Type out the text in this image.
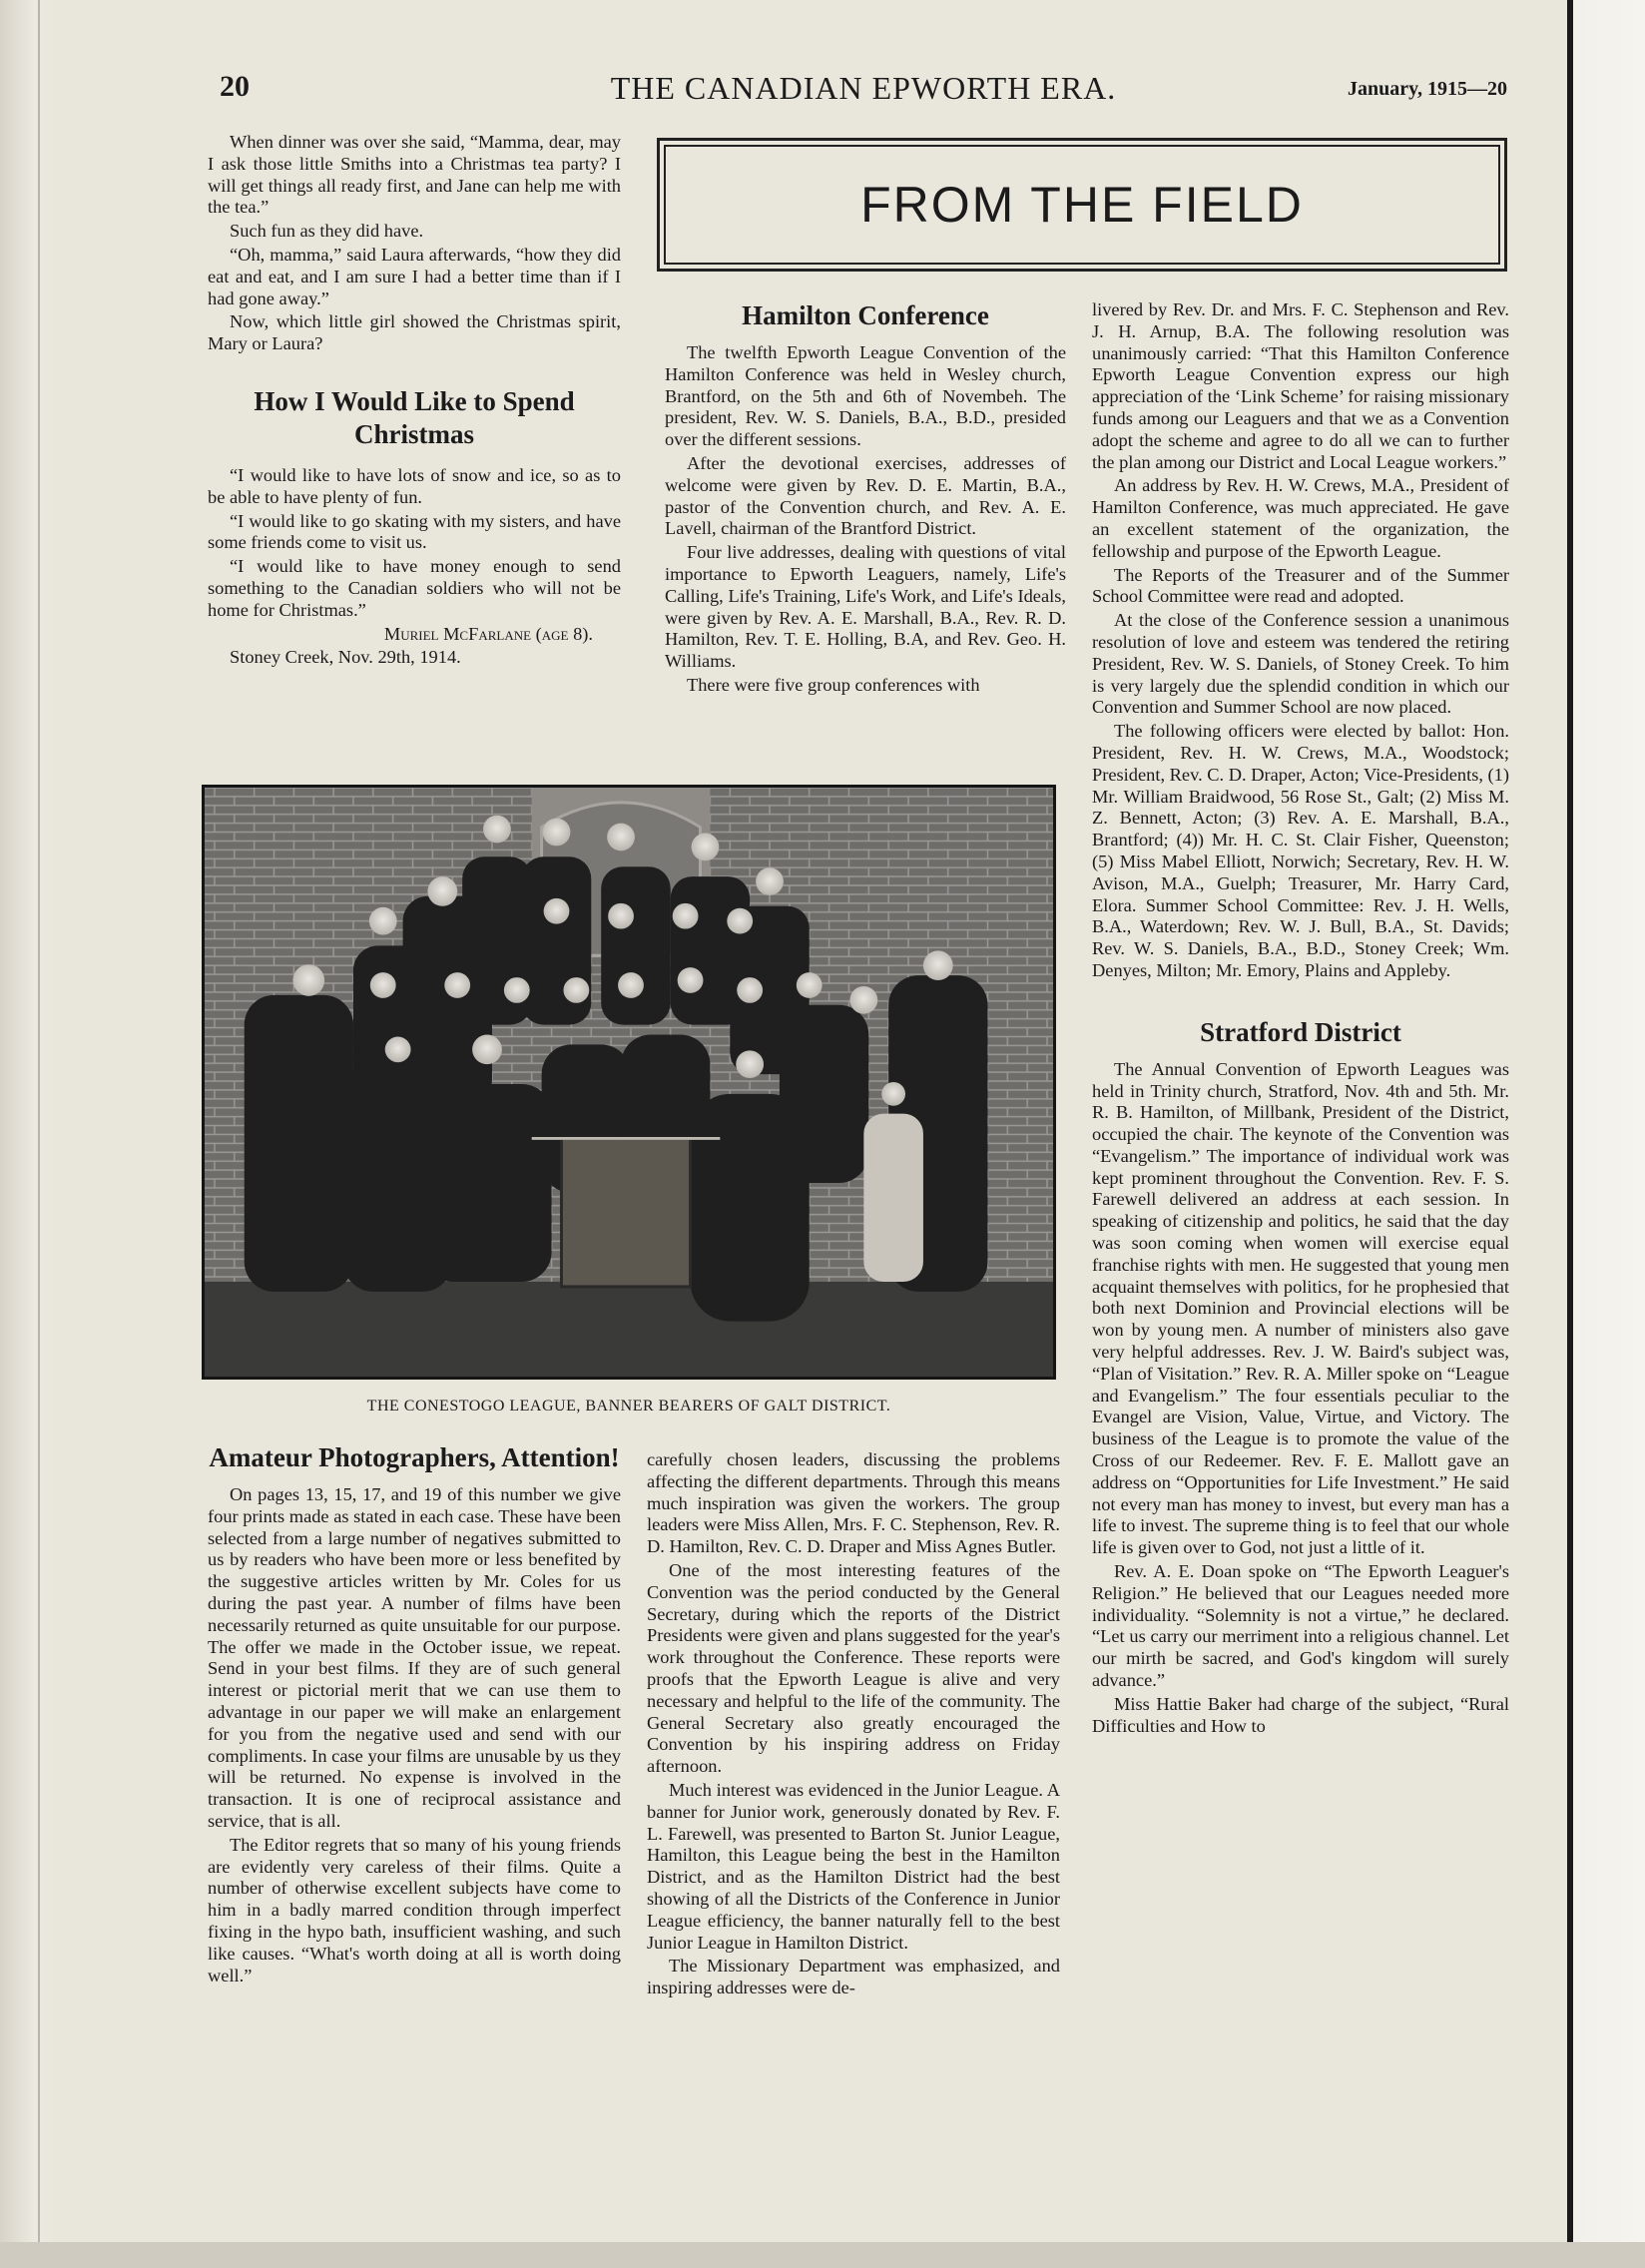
20	THE CANADIAN EPWORTH ERA.	January, 1915—20

When dinner was over she said, “Mamma, dear, may I ask those little Smiths into a Christmas tea party? I will get things all ready first, and Jane can help me with the tea.”

Such fun as they did have.

“Oh, mamma,” said Laura afterwards, “how they did eat and eat, and I am sure I had a better time than if I had gone away.”

Now, which little girl showed the Christmas spirit, Mary or Laura?

How I Would Like to Spend Christmas

“I would like to have lots of snow and ice, so as to be able to have plenty of fun.

“I would like to go skating with my sisters, and have some friends come to visit us.

“I would like to have money enough to send something to the Canadian soldiers who will not be home for Christmas.”

Muriel McFarlane (age 8).

Stoney Creek, Nov. 29th, 1914.

FROM THE FIELD
Hamilton Conference

The twelfth Epworth League Convention of the Hamilton Conference was held in Wesley church, Brantford, on the 5th and 6th of Novembeh. The president, Rev. W. S. Daniels, B.A., B.D., presided over the different sessions.

After the devotional exercises, addresses of welcome were given by Rev. D. E. Martin, B.A., pastor of the Convention church, and Rev. A. E. Lavell, chairman of the Brantford District.

Four live addresses, dealing with questions of vital importance to Epworth Leaguers, namely, Life's Calling, Life's Training, Life's Work, and Life's Ideals, were given by Rev. A. E. Marshall, B.A., Rev. R. D. Hamilton, Rev. T. E. Holling, B.A, and Rev. Geo. H. Williams.

There were five group conferences with

livered by Rev. Dr. and Mrs. F. C. Stephenson and Rev. J. H. Arnup, B.A. The following resolution was unanimously carried: “That this Hamilton Conference Epworth League Convention express our high appreciation of the ‘Link Scheme’ for raising missionary funds among our Leaguers and that we as a Convention adopt the scheme and agree to do all we can to further the plan among our District and Local League workers.”

An address by Rev. H. W. Crews, M.A., President of Hamilton Conference, was much appreciated. He gave an excellent statement of the organization, the fellowship and purpose of the Epworth League.

The Reports of the Treasurer and of the Summer School Committee were read and adopted.

At the close of the Conference session a unanimous resolution of love and esteem was tendered the retiring President, Rev. W. S. Daniels, of Stoney Creek. To him is very largely due the splendid condition in which our Convention and Summer School are now placed.

The following officers were elected by ballot: Hon. President, Rev. H. W. Crews, M.A., Woodstock; President, Rev. C. D. Draper, Acton; Vice-Presidents, (1) Mr. William Braidwood, 56 Rose St., Galt; (2) Miss M. Z. Bennett, Acton; (3) Rev. A. E. Marshall, B.A., Brantford; (4)) Mr. H. C. St. Clair Fisher, Queenston; (5) Miss Mabel Elliott, Norwich; Secretary, Rev. H. W. Avison, M.A., Guelph; Treasurer, Mr. Harry Card, Elora. Summer School Committee: Rev. J. H. Wells, B.A., Waterdown; Rev. W. J. Bull, B.A., St. Davids; Rev. W. S. Daniels, B.A., B.D., Stoney Creek; Wm. Denyes, Milton; Mr. Emory, Plains and Appleby.

Stratford District

The Annual Convention of Epworth Leagues was held in Trinity church, Stratford, Nov. 4th and 5th. Mr. R. B. Hamilton, of Millbank, President of the District, occupied the chair. The keynote of the Convention was “Evangelism.” The importance of individual work was kept prominent throughout the Convention. Rev. F. S. Farewell delivered an address at each session. In speaking of citizenship and politics, he said that the day was soon coming when women will exercise equal franchise rights with men. He suggested that young men acquaint themselves with politics, for he prophesied that both next Dominion and Provincial elections will be won by young men. A number of ministers also gave very helpful addresses. Rev. J. W. Baird's subject was, “Plan of Visitation.” Rev. R. A. Miller spoke on “League and Evangelism.” The four essentials peculiar to the Evangel are Vision, Value, Virtue, and Victory. The business of the League is to promote the value of the Cross of our Redeemer. Rev. F. E. Mallott gave an address on “Opportunities for Life Investment.” He said not every man has money to invest, but every man has a life to invest. The supreme thing is to feel that our whole life is given over to God, not just a little of it.

Rev. A. E. Doan spoke on “The Epworth Leaguer's Religion.” He believed that our Leagues needed more individuality. “Solemnity is not a virtue,” he declared. “Let us carry our merriment into a religious channel. Let our mirth be sacred, and God's kingdom will surely advance.”

Miss Hattie Baker had charge of the subject, “Rural Difficulties and How to

THE CONESTOGO LEAGUE, BANNER BEARERS OF GALT DISTRICT.
Amateur Photographers, Attention!

On pages 13, 15, 17, and 19 of this number we give four prints made as stated in each case. These have been selected from a large number of negatives submitted to us by readers who have been more or less benefited by the suggestive articles written by Mr. Coles for us during the past year. A number of films have been necessarily returned as quite unsuitable for our purpose. The offer we made in the October issue, we repeat. Send in your best films. If they are of such general interest or pictorial merit that we can use them to advantage in our paper we will make an enlargement for you from the negative used and send with our compliments. In case your films are unusable by us they will be returned. No expense is involved in the transaction. It is one of reciprocal assistance and service, that is all.

The Editor regrets that so many of his young friends are evidently very careless of their films. Quite a number of otherwise excellent subjects have come to him in a badly marred condition through imperfect fixing in the hypo bath, insufficient washing, and such like causes. “What's worth doing at all is worth doing well.”

carefully chosen leaders, discussing the problems affecting the different departments. Through this means much inspiration was given the workers. The group leaders were Miss Allen, Mrs. F. C. Stephenson, Rev. R. D. Hamilton, Rev. C. D. Draper and Miss Agnes Butler.

One of the most interesting features of the Convention was the period conducted by the General Secretary, during which the reports of the District Presidents were given and plans suggested for the year's work throughout the Conference. These reports were proofs that the Epworth League is alive and very necessary and helpful to the life of the community. The General Secretary also greatly encouraged the Convention by his inspiring address on Friday afternoon.

Much interest was evidenced in the Junior League. A banner for Junior work, generously donated by Rev. F. L. Farewell, was presented to Barton St. Junior League, Hamilton, this League being the best in the Hamilton District, and as the Hamilton District had the best showing of all the Districts of the Conference in Junior League efficiency, the banner naturally fell to the best Junior League in Hamilton District.

The Missionary Department was emphasized, and inspiring addresses were de-
